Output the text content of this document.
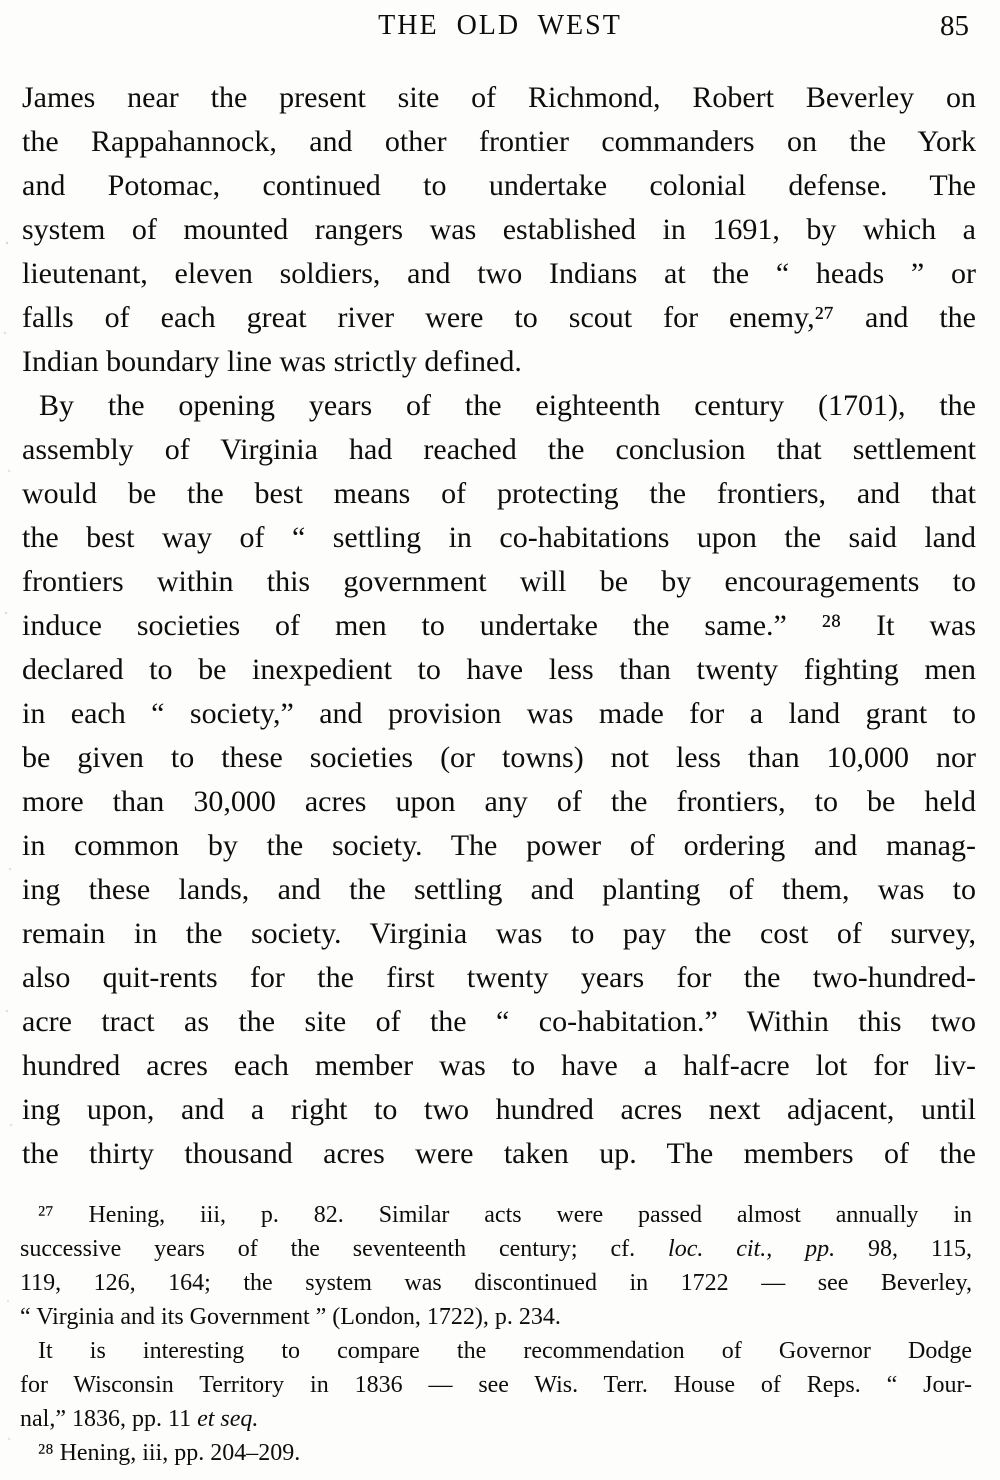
THE OLD WEST	85

James near the present site of Richmond, Robert Beverley on
the Rappahannock, and other frontier commanders on the York
and Potomac, continued to undertake colonial defense. The
system of mounted rangers was established in 1691, by which a
lieutenant, eleven soldiers, and two Indians at the “ heads ” or
falls of each great river were to scout for enemy,²⁷ and the
Indian boundary line was strictly defined.

By the opening years of the eighteenth century (1701), the
assembly of Virginia had reached the conclusion that settlement
would be the best means of protecting the frontiers, and that
the best way of “ settling in co-habitations upon the said land
frontiers within this government will be by encouragements to
induce societies of men to undertake the same.” ²⁸ It was
declared to be inexpedient to have less than twenty fighting men
in each “ society,” and provision was made for a land grant to
be given to these societies (or towns) not less than 10,000 nor
more than 30,000 acres upon any of the frontiers, to be held
in common by the society. The power of ordering and manag-
ing these lands, and the settling and planting of them, was to
remain in the society. Virginia was to pay the cost of survey,
also quit-rents for the first twenty years for the two-hundred-
acre tract as the site of the “ co-habitation.” Within this two
hundred acres each member was to have a half-acre lot for liv-
ing upon, and a right to two hundred acres next adjacent, until
the thirty thousand acres were taken up. The members of the

²⁷ Hening, iii, p. 82. Similar acts were passed almost annually in
successive years of the seventeenth century; cf. loc. cit., pp. 98, 115,
119, 126, 164; the system was discontinued in 1722 — see Beverley,
“ Virginia and its Government ” (London, 1722), p. 234.

It is interesting to compare the recommendation of Governor Dodge
for Wisconsin Territory in 1836 — see Wis. Terr. House of Reps. “ Jour-
nal,” 1836, pp. 11 et seq.

²⁸ Hening, iii, pp. 204–209.
